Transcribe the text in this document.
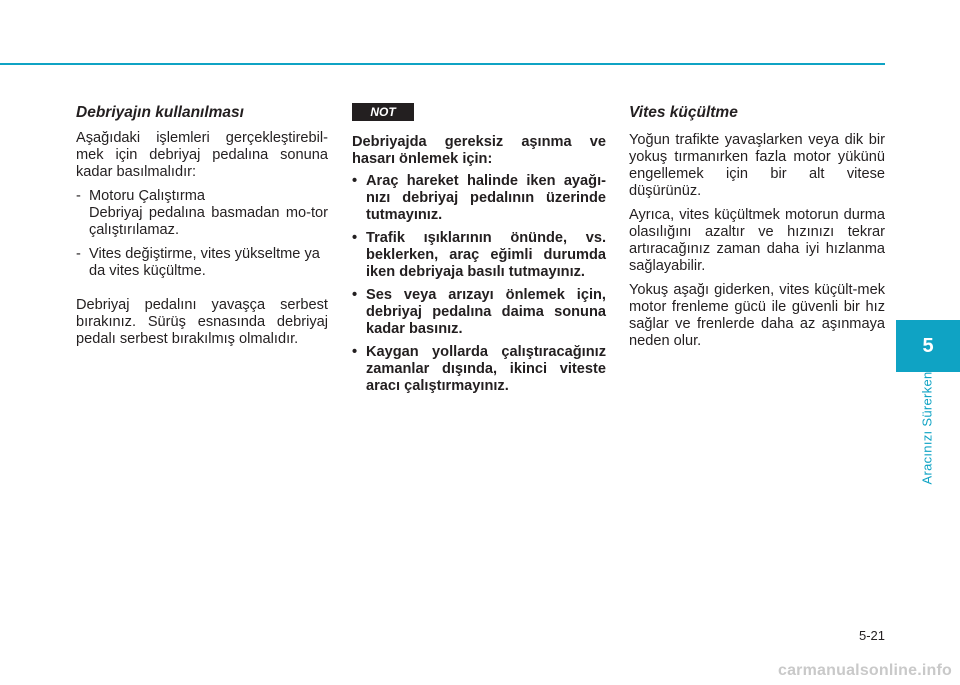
Debriyajın kullanılması

Aşağıdaki işlemleri gerçekleştirebil-mek için debriyaj pedalına sonuna kadar basılmalıdır:

- Motoru Çalıştırma
Debriyaj pedalına basmadan mo-tor çalıştırılamaz.
- Vites değiştirme, vites yükseltme ya da vites küçültme.

Debriyaj pedalını yavaşça serbest bırakınız. Sürüş esnasında debriyaj pedalı serbest bırakılmış olmalıdır.

NOT
Debriyajda gereksiz aşınma ve hasarı önlemek için:
• Araç hareket halinde iken ayağı-nızı debriyaj pedalının üzerinde tutmayınız.
• Trafik ışıklarının önünde, vs. beklerken, araç eğimli durumda iken debriyaja basılı tutmayınız.
• Ses veya arızayı önlemek için, debriyaj pedalına daima sonuna kadar basınız.
• Kaygan yollarda çalıştıracağınız zamanlar dışında, ikinci viteste aracı çalıştırmayınız.
Vites küçültme

Yoğun trafikte yavaşlarken veya dik bir yokuş tırmanırken fazla motor yükünü engellemek için bir alt vitese düşürünüz.

Ayrıca, vites küçültmek motorun durma olasılığını azaltır ve hızınızı tekrar artıracağınız zaman daha iyi hızlanma sağlayabilir.

Yokuş aşağı giderken, vites küçült-mek motor frenleme gücü ile güvenli bir hız sağlar ve frenlerde daha az aşınmaya neden olur.	5
Aracınızı Sürerken
5-21
carmanualsonline.info
